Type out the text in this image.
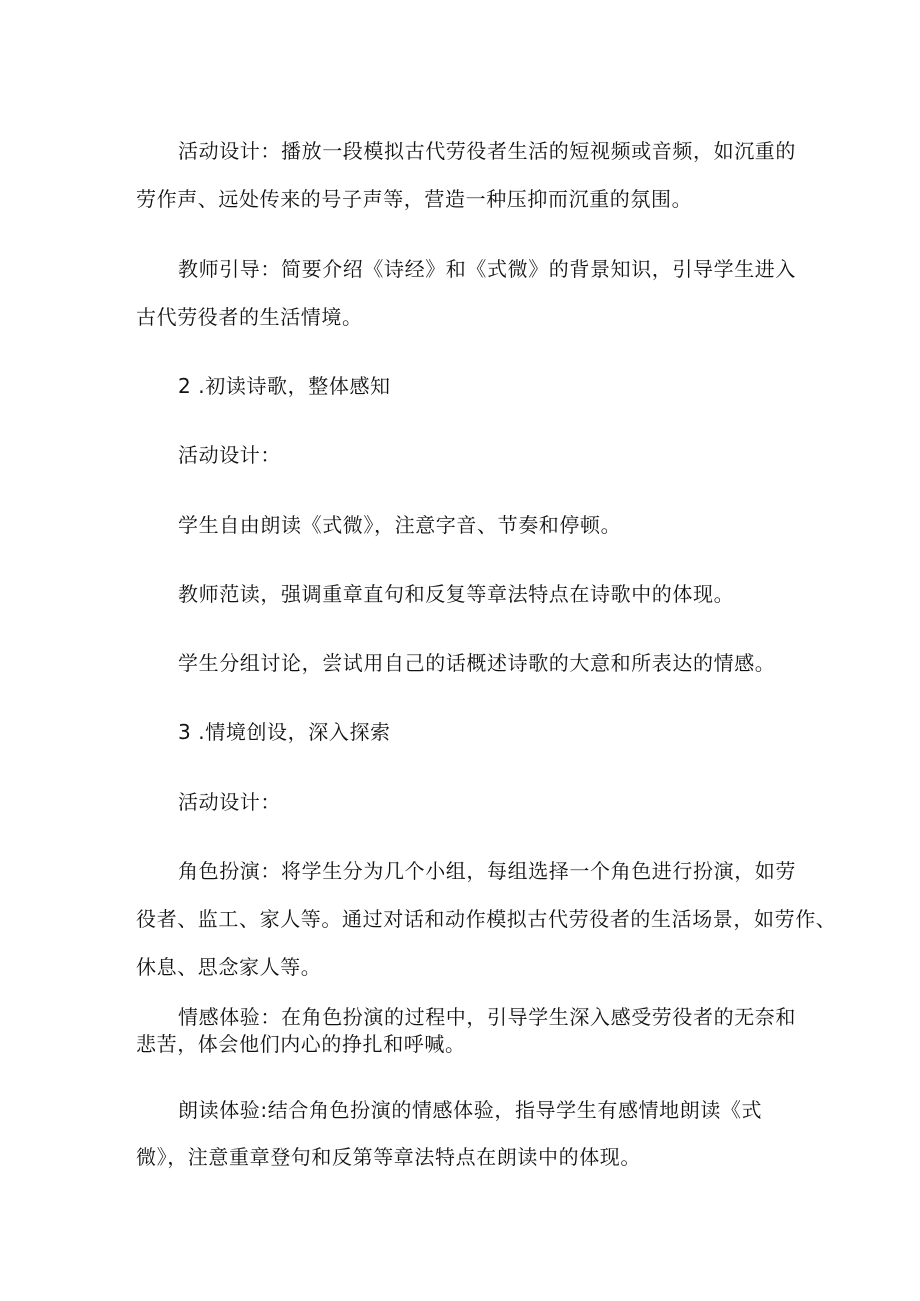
活动设计：播放一段模拟古代劳役者生活的短视频或音频，如沉重的

劳作声、远处传来的号子声等，营造一种压抑而沉重的氛围。

教师引导：简要介绍《诗经》和《式微》的背景知识，引导学生进入

古代劳役者的生活情境。

2 .初读诗歌，整体感知

活动设计：

学生自由朗读《式微》，注意字音、节奏和停顿。

教师范读，强调重章直句和反复等章法特点在诗歌中的体现。

学生分组讨论，尝试用自己的话概述诗歌的大意和所表达的情感。

3 .情境创设，深入探索

活动设计：

角色扮演：将学生分为几个小组，每组选择一个角色进行扮演，如劳

役者、监工、家人等。通过对话和动作模拟古代劳役者的生活场景，如劳作、

休息、思念家人等。

情感体验：在角色扮演的过程中，引导学生深入感受劳役者的无奈和

悲苦，体会他们内心的挣扎和呼喊。

朗读体验:结合角色扮演的情感体验，指导学生有感情地朗读《式

微》，注意重章登句和反第等章法特点在朗读中的体现。
